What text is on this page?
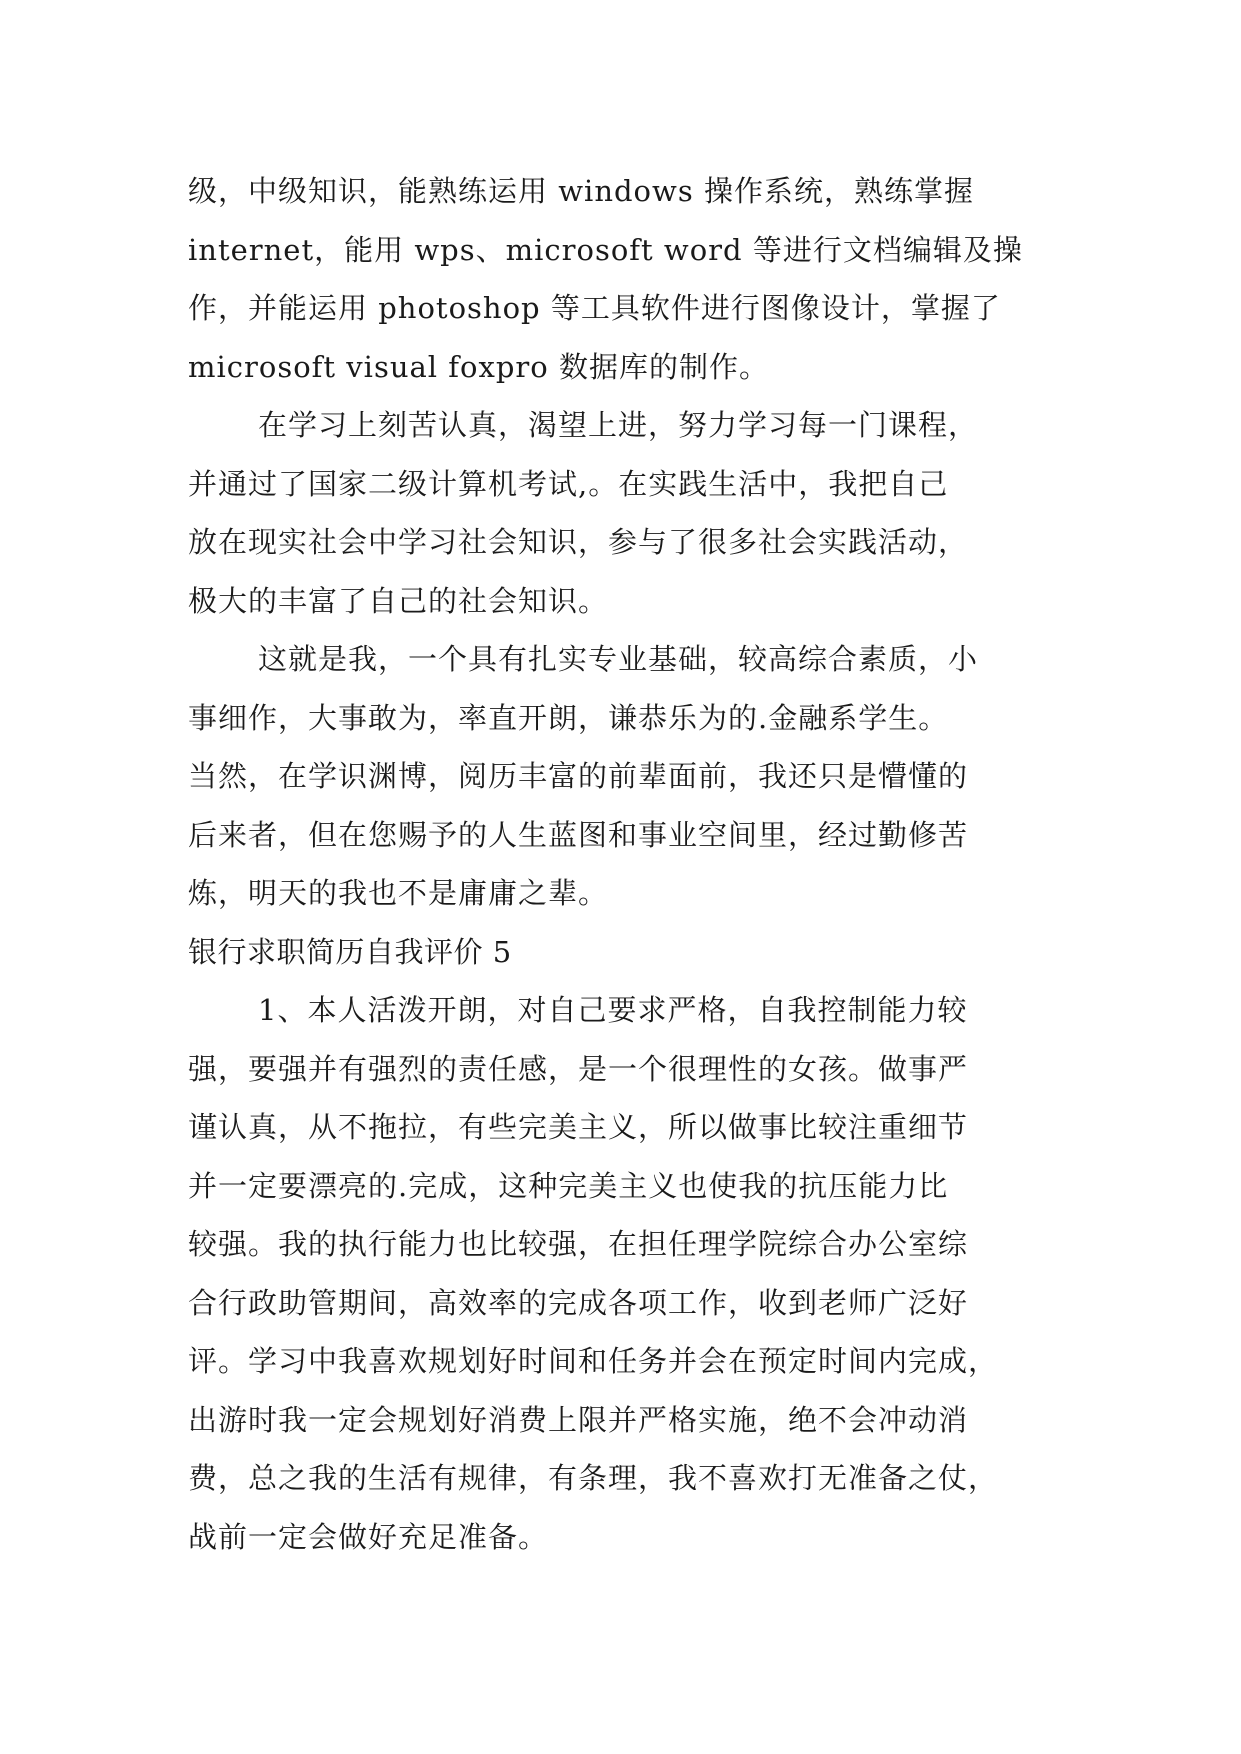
级，中级知识，能熟练运用 windows 操作系统，熟练掌握
internet，能用 wps、microsoft word 等进行文档编辑及操
作，并能运用 photoshop 等工具软件进行图像设计，掌握了
microsoft visual foxpro 数据库的制作。
在学习上刻苦认真，渴望上进，努力学习每一门课程，
并通过了国家二级计算机考试,。在实践生活中，我把自己
放在现实社会中学习社会知识，参与了很多社会实践活动，
极大的丰富了自己的社会知识。
这就是我，一个具有扎实专业基础，较高综合素质，小
事细作，大事敢为，率直开朗，谦恭乐为的.金融系学生。
当然，在学识渊博，阅历丰富的前辈面前，我还只是懵懂的
后来者，但在您赐予的人生蓝图和事业空间里，经过勤修苦
炼，明天的我也不是庸庸之辈。
银行求职简历自我评价 5
1、本人活泼开朗，对自己要求严格，自我控制能力较
强，要强并有强烈的责任感，是一个很理性的女孩。做事严
谨认真，从不拖拉，有些完美主义，所以做事比较注重细节
并一定要漂亮的.完成，这种完美主义也使我的抗压能力比
较强。我的执行能力也比较强，在担任理学院综合办公室综
合行政助管期间，高效率的完成各项工作，收到老师广泛好
评。学习中我喜欢规划好时间和任务并会在预定时间内完成，
出游时我一定会规划好消费上限并严格实施，绝不会冲动消
费，总之我的生活有规律，有条理，我不喜欢打无准备之仗，
战前一定会做好充足准备。
